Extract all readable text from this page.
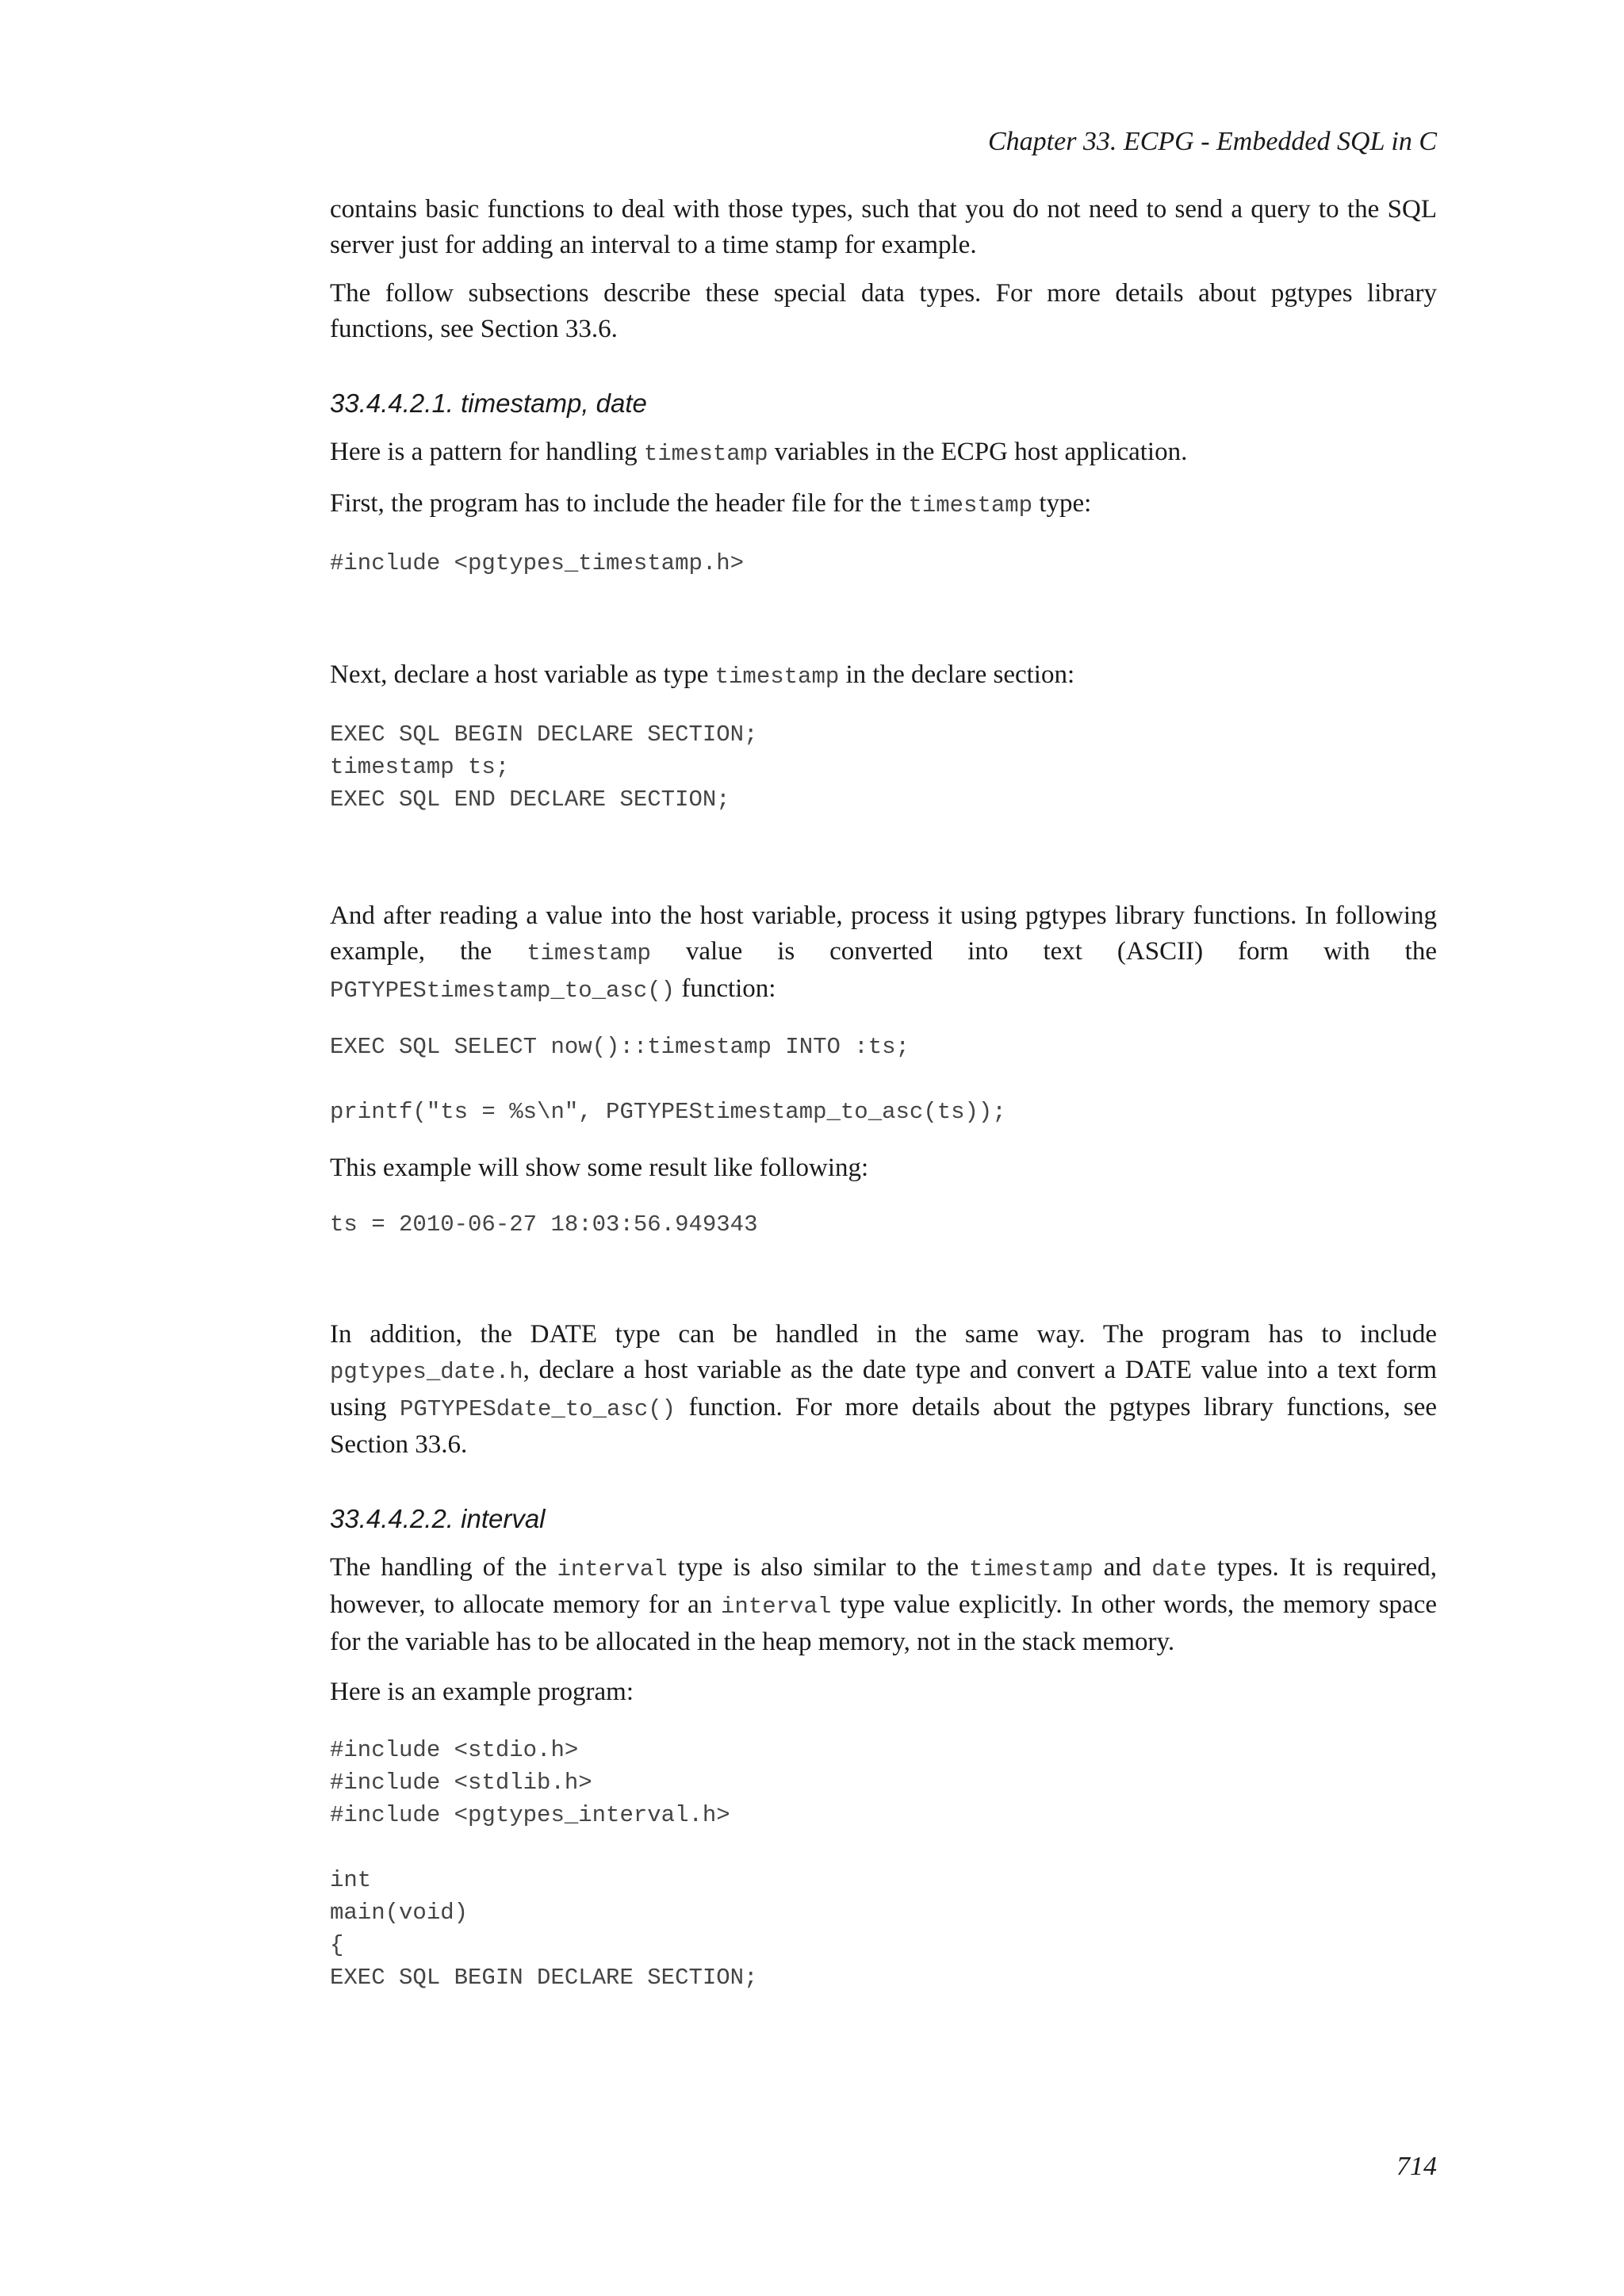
Chapter 33. ECPG - Embedded SQL in C

contains basic functions to deal with those types, such that you do not need to send a query to the SQL server just for adding an interval to a time stamp for example.

The follow subsections describe these special data types. For more details about pgtypes library functions, see Section 33.6.

33.4.4.2.1. timestamp, date

Here is a pattern for handling timestamp variables in the ECPG host application.

First, the program has to include the header file for the timestamp type:

#include <pgtypes_timestamp.h>

Next, declare a host variable as type timestamp in the declare section:

EXEC SQL BEGIN DECLARE SECTION;
timestamp ts;
EXEC SQL END DECLARE SECTION;

And after reading a value into the host variable, process it using pgtypes library functions. In following example, the timestamp value is converted into text (ASCII) form with the PGTYPEStimestamp_to_asc() function:

EXEC SQL SELECT now()::timestamp INTO :ts;

printf("ts = %s\n", PGTYPEStimestamp_to_asc(ts));

This example will show some result like following:

ts = 2010-06-27 18:03:56.949343

In addition, the DATE type can be handled in the same way. The program has to include pgtypes_date.h, declare a host variable as the date type and convert a DATE value into a text form using PGTYPESdate_to_asc() function. For more details about the pgtypes library functions, see Section 33.6.

33.4.4.2.2. interval

The handling of the interval type is also similar to the timestamp and date types. It is required, however, to allocate memory for an interval type value explicitly. In other words, the memory space for the variable has to be allocated in the heap memory, not in the stack memory.

Here is an example program:

#include <stdio.h>
#include <stdlib.h>
#include <pgtypes_interval.h>

int
main(void)
{
EXEC SQL BEGIN DECLARE SECTION;
714
